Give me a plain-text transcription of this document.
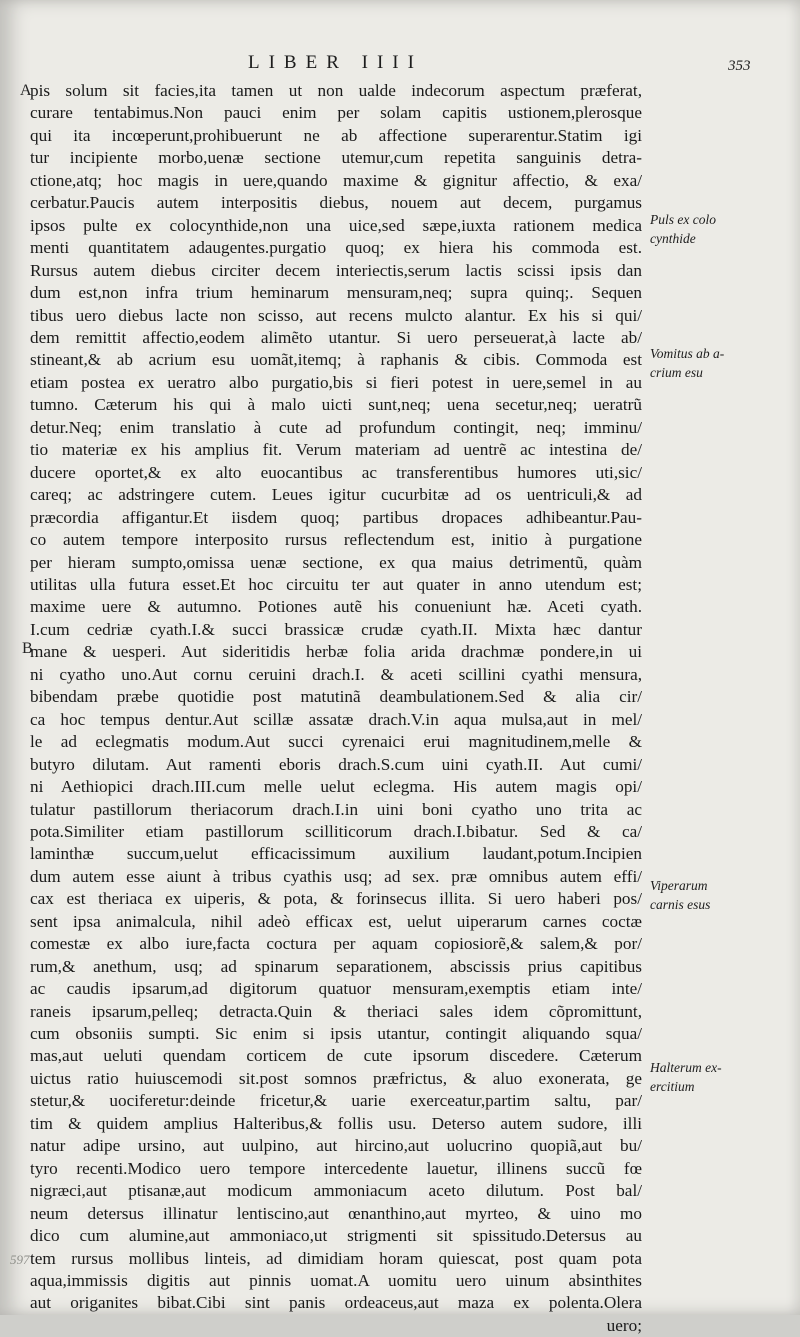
LIBER IIII	353
A
B
pis solum sit facies,ita tamen ut non ualde indecorum aspectum præferat,
curare tentabimus.Non pauci enim per solam capitis ustionem,plerosque
qui ita incœperunt,prohibuerunt ne ab affectione superarentur.Statim igi
tur incipiente morbo,uenæ sectione utemur,cum repetita sanguinis detra-
ctione,atq; hoc magis in uere,quando maxime & gignitur affectio, & exa/
cerbatur.Paucis autem interpositis diebus, nouem aut decem, purgamus
ipsos pulte ex colocynthide,non una uice,sed sæpe,iuxta rationem medica
menti quantitatem adaugentes.purgatio quoq; ex hiera his commoda est.
Rursus autem diebus circiter decem interiectis,serum lactis scissi ipsis dan
dum est,non infra trium heminarum mensuram,neq; supra quinq;. Sequen
tibus uero diebus lacte non scisso, aut recens mulcto alantur. Ex his si qui/
dem remittit affectio,eodem alimẽto utantur. Si uero perseuerat,à lacte ab/
stineant,& ab acrium esu uomãt,itemq; à raphanis & cibis. Commoda est
etiam postea ex ueratro albo purgatio,bis si fieri potest in uere,semel in au
tumno. Cæterum his qui à malo uicti sunt,neq; uena secetur,neq; ueratrũ
detur.Neq; enim translatio à cute ad profundum contingit, neq; imminu/
tio materiæ ex his amplius fit. Verum materiam ad uentrẽ ac intestina de/
ducere oportet,& ex alto euocantibus ac transferentibus humores uti,sic/
careq; ac adstringere cutem. Leues igitur cucurbitæ ad os uentriculi,& ad
præcordia affigantur.Et iisdem quoq; partibus dropaces adhibeantur.Pau-
co autem tempore interposito rursus reflectendum est, initio à purgatione
per hieram sumpto,omissa uenæ sectione, ex qua maius detrimentũ, quàm
utilitas ulla futura esset.Et hoc circuitu ter aut quater in anno utendum est;
maxime uere & autumno. Potiones autẽ his conueniunt hæ. Aceti cyath.
I.cum cedriæ cyath.I.& succi brassicæ crudæ cyath.II. Mixta hæc dantur
mane & uesperi. Aut sideritidis herbæ folia arida drachmæ pondere,in ui
ni cyatho uno.Aut cornu ceruini drach.I. & aceti scillini cyathi mensura,
bibendam præbe quotidie post matutinã deambulationem.Sed & alia cir/
ca hoc tempus dentur.Aut scillæ assatæ drach.V.in aqua mulsa,aut in mel/
le ad eclegmatis modum.Aut succi cyrenaici erui magnitudinem,melle &
butyro dilutam. Aut ramenti eboris drach.S.cum uini cyath.II. Aut cumi/
ni Aethiopici drach.III.cum melle uelut eclegma. His autem magis opi/
tulatur pastillorum theriacorum drach.I.in uini boni cyatho uno trita ac
pota.Similiter etiam pastillorum scilliticorum drach.I.bibatur. Sed & ca/
laminthæ succum,uelut efficacissimum auxilium laudant,potum.Incipien
dum autem esse aiunt à tribus cyathis usq; ad sex. præ omnibus autem effi/
cax est theriaca ex uiperis, & pota, & forinsecus illita. Si uero haberi pos/
sent ipsa animalcula, nihil adeò efficax est, uelut uiperarum carnes coctæ
comestæ ex albo iure,facta coctura per aquam copiosiorẽ,& salem,& por/
rum,& anethum, usq; ad spinarum separationem, abscissis prius capitibus
ac caudis ipsarum,ad digitorum quatuor mensuram,exemptis etiam inte/
raneis ipsarum,pelleq; detracta.Quin & theriaci sales idem cõpromittunt,
cum obsoniis sumpti. Sic enim si ipsis utantur, contingit aliquando squa/
mas,aut ueluti quendam corticem de cute ipsorum discedere. Cæterum
uictus ratio huiuscemodi sit.post somnos præfrictus, & aluo exonerata, ge
stetur,& uociferetur:deinde fricetur,& uarie exerceatur,partim saltu, par/
tim & quidem amplius Halteribus,& follis usu. Deterso autem sudore, illi
natur adipe ursino, aut uulpino, aut hircino,aut uolucrino quopiã,aut bu/
tyro recenti.Modico uero tempore intercedente lauetur, illinens succũ fœ
nigræci,aut ptisanæ,aut modicum ammoniacum aceto dilutum. Post bal/
neum detersus illinatur lentiscino,aut œnanthino,aut myrteo, & uino mo
dico cum alumine,aut ammoniaco,ut strigmenti sit spissitudo.Detersus au
tem rursus mollibus linteis, ad dimidiam horam quiescat, post quam pota
aqua,immissis digitis aut pinnis uomat.A uomitu uero uinum absinthites
aut origanites bibat.Cibi sint panis ordeaceus,aut maza ex polenta.Olera
uero;
Puls ex colo
cynthide
Vomitus ab a-
crium esu
Viperarum
carnis esus
Halterum ex-
ercitium
597
